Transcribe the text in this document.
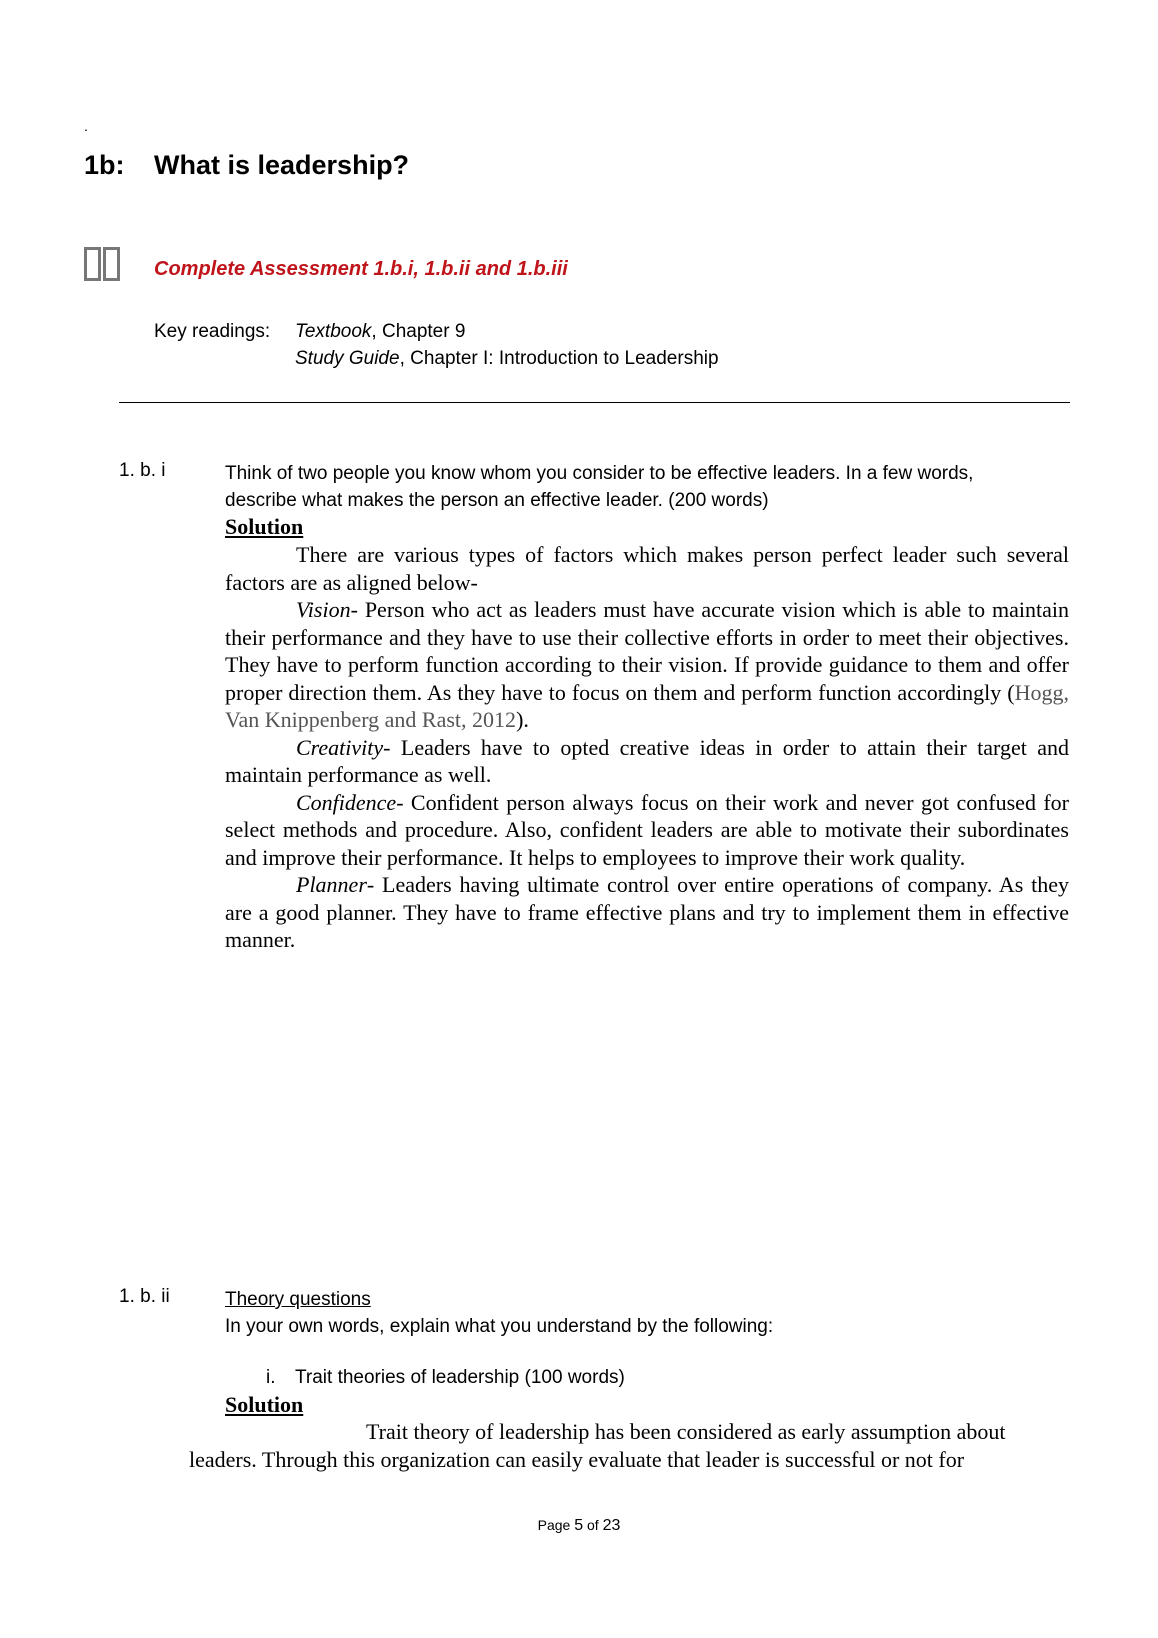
.
1b: What is leadership?
Complete Assessment 1.b.i, 1.b.ii and 1.b.iii
Key readings: Textbook, Chapter 9
Study Guide, Chapter I: Introduction to Leadership
1. b. i	Think of two people you know whom you consider to be effective leaders. In a few words, describe what makes the person an effective leader. (200 words)
Solution

There are various types of factors which makes person perfect leader such several factors are as aligned below-

Vision- Person who act as leaders must have accurate vision which is able to maintain their performance and they have to use their collective efforts in order to meet their objectives. They have to perform function according to their vision. If provide guidance to them and offer proper direction them. As they have to focus on them and perform function accordingly (Hogg, Van Knippenberg and Rast, 2012).

Creativity- Leaders have to opted creative ideas in order to attain their target and maintain performance as well.

Confidence- Confident person always focus on their work and never got confused for select methods and procedure. Also, confident leaders are able to motivate their subordinates and improve their performance. It helps to employees to improve their work quality.

Planner- Leaders having ultimate control over entire operations of company. As they are a good planner. They have to frame effective plans and try to implement them in effective manner.

1. b. ii	Theory questions
In your own words, explain what you understand by the following:
i. Trait theories of leadership (100 words)
Solution

Trait theory of leadership has been considered as early assumption about leaders. Through this organization can easily evaluate that leader is successful or not for

Page 5 of 23
